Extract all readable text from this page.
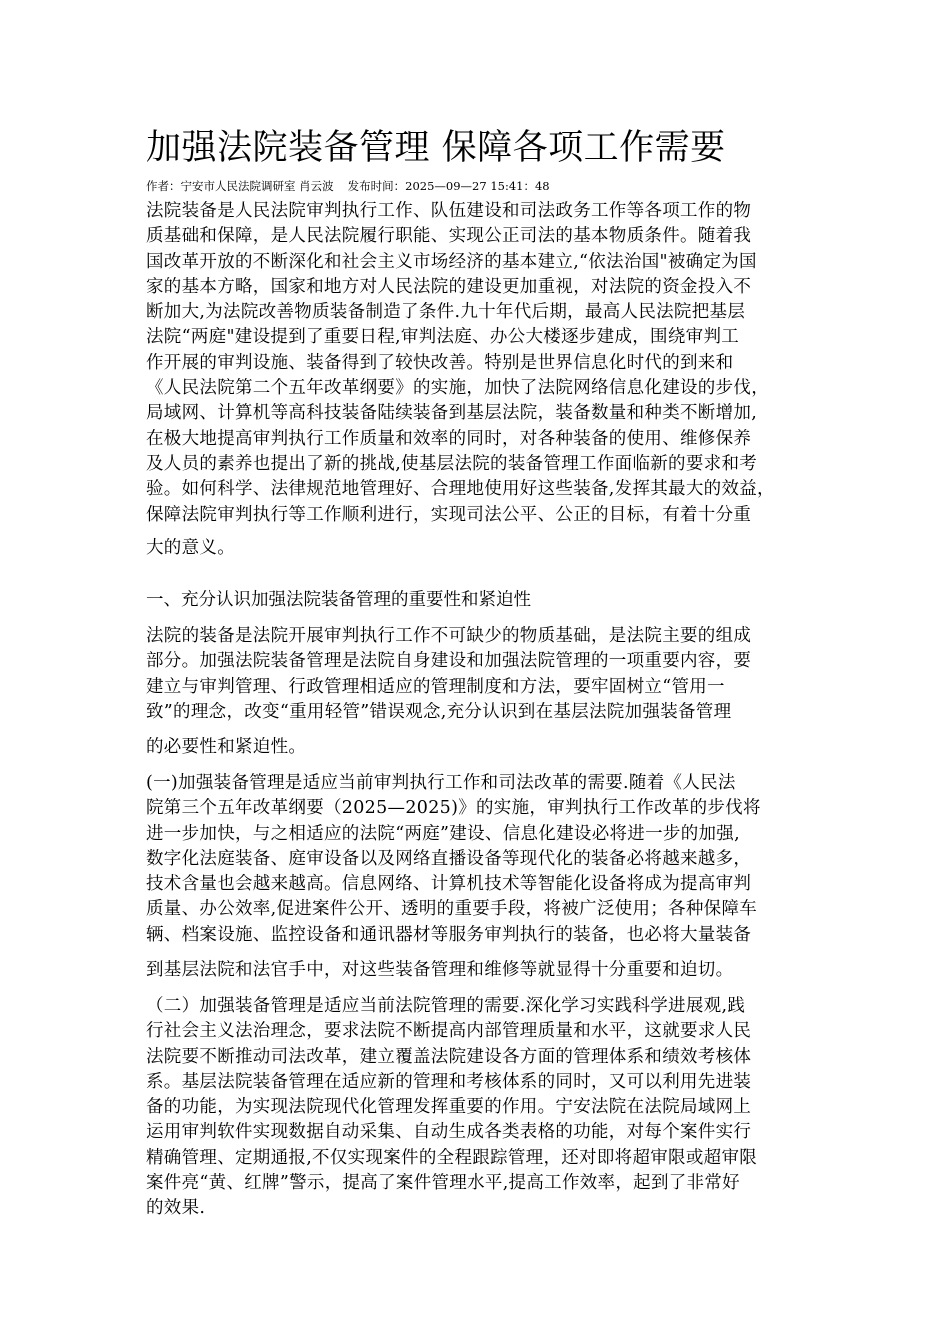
加强法院装备管理 保障各项工作需要
作者：宁安市人民法院调研室 肖云波 发布时间：2025—09—27 15:41：48
法院装备是人民法院审判执行工作、队伍建设和司法政务工作等各项工作的物
质基础和保障，是人民法院履行职能、实现公正司法的基本物质条件。随着我
国改革开放的不断深化和社会主义市场经济的基本建立,“依法治国"被确定为国
家的基本方略，国家和地方对人民法院的建设更加重视，对法院的资金投入不
断加大,为法院改善物质装备制造了条件.九十年代后期，最高人民法院把基层
法院“两庭"建设提到了重要日程,审判法庭、办公大楼逐步建成，围绕审判工
作开展的审判设施、装备得到了较快改善。特别是世界信息化时代的到来和
《人民法院第二个五年改革纲要》的实施，加快了法院网络信息化建设的步伐，
局域网、计算机等高科技装备陆续装备到基层法院，装备数量和种类不断增加,
在极大地提高审判执行工作质量和效率的同时，对各种装备的使用、维修保养
及人员的素养也提出了新的挑战,使基层法院的装备管理工作面临新的要求和考
验。如何科学、法律规范地管理好、合理地使用好这些装备,发挥其最大的效益，
保障法院审判执行等工作顺利进行，实现司法公平、公正的目标，有着十分重
大的意义。
一、充分认识加强法院装备管理的重要性和紧迫性
法院的装备是法院开展审判执行工作不可缺少的物质基础，是法院主要的组成
部分。加强法院装备管理是法院自身建设和加强法院管理的一项重要内容，要
建立与审判管理、行政管理相适应的管理制度和方法，要牢固树立“管用一
致”的理念，改变“重用轻管”错误观念,充分认识到在基层法院加强装备管理
的必要性和紧迫性。
(一)加强装备管理是适应当前审判执行工作和司法改革的需要.随着《人民法
院第三个五年改革纲要（2025—2025)》的实施，审判执行工作改革的步伐将
进一步加快，与之相适应的法院“两庭”建设、信息化建设必将进一步的加强,
数字化法庭装备、庭审设备以及网络直播设备等现代化的装备必将越来越多，
技术含量也会越来越高。信息网络、计算机技术等智能化设备将成为提高审判
质量、办公效率,促进案件公开、透明的重要手段，将被广泛使用；各种保障车
辆、档案设施、监控设备和通讯器材等服务审判执行的装备，也必将大量装备
到基层法院和法官手中，对这些装备管理和维修等就显得十分重要和迫切。
（二）加强装备管理是适应当前法院管理的需要.深化学习实践科学进展观,践
行社会主义法治理念，要求法院不断提高内部管理质量和水平，这就要求人民
法院要不断推动司法改革，建立覆盖法院建设各方面的管理体系和绩效考核体
系。基层法院装备管理在适应新的管理和考核体系的同时，又可以利用先进装
备的功能，为实现法院现代化管理发挥重要的作用。宁安法院在法院局域网上
运用审判软件实现数据自动采集、自动生成各类表格的功能，对每个案件实行
精确管理、定期通报,不仅实现案件的全程跟踪管理，还对即将超审限或超审限
案件亮“黄、红牌”警示，提高了案件管理水平,提高工作效率，起到了非常好
的效果.
